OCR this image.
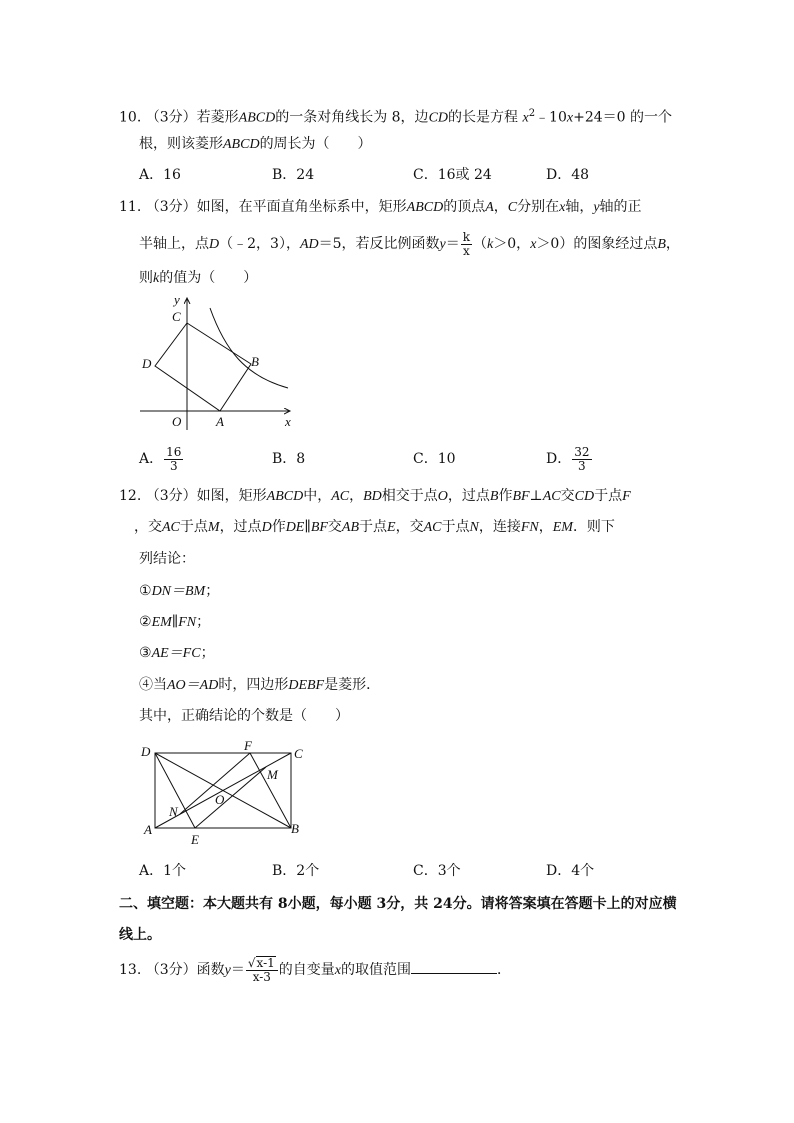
10. （3分）若菱形ABCD的一条对角线长为 8，边CD的长是方程 $x^2﹣10x+24=0$ 的一个
根，则该菱形ABCD的周长为（　　）
A．16	B．24	C．16或 24	D．48
11. （3分）如图，在平面直角坐标系中，矩形ABCD的顶点A，C分别在x轴，y轴的正
半轴上，点D（﹣2，3），AD＝5，若反比例函数$y= \frac{k}{x} (k>0$，x＞0）的图象经过点B，
则k的值为（　　）
y
C
D	B
O	A	x
A． $\frac{16}{3}$	B．8	C．10	D． $\frac{32}{3}$
12. （3分）如图，矩形ABCD中，AC，BD相交于点O，过点B作BF⊥AC交CD于点F
，交AC于点M，过点D作DE∥BF交AB于点E，交AC于点N，连接FN，EM．则下
列结论：
①DN＝BM；
②EM∥FN；
③AE＝FC；
④当AO＝AD时，四边形DEBF是菱形．
其中，正确结论的个数是（　　）
D	F
C
M
O
N
A
E
B
A．1个	B．2个	C．3个	D．4个
二、填空题：本大题共有 8小题，每小题 3分，共 24分。请将答案填在答题卡上的对应横
线上。
13. （3分）函数$y= \frac{√x-1}{x-3}$ 的自变量x的取值范围	．
